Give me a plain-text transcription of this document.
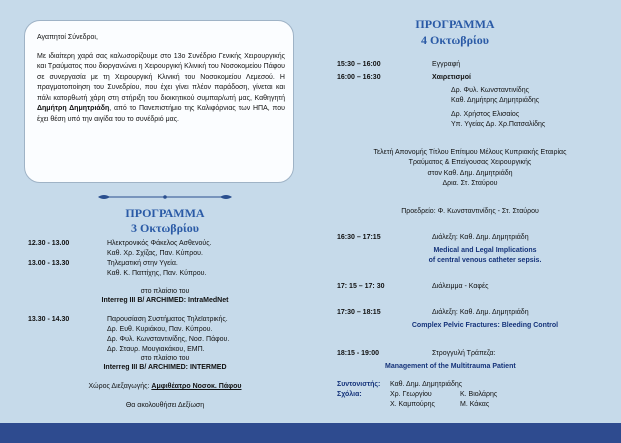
Αγαπητοί Σύνεδροι,
Με ιδιαίτερη χαρά σας καλωσορίζουμε στο 13ο Συνέδριο Γενικής Χειρουργικής και Τραύματος που διοργανώνει η Χειρουργική Κλινική του Νοσοκομείου Πάφου σε συνεργασία με τη Χειρουργική Κλινική του Νοσοκομείου Λεμεσού. Η πραγματοποίηση του Συνεδρίου, που έχει γίνει πλέον παράδοση, γίνεται και πάλι κατορθωτή χάρη στη στήριξη του διοικητικού συμπαρ/ωτή μας, Καθηγητή Δημήτρη Δημητριάδη, από το Πανεπιστήμιο της Καλιφόρνιας των ΗΠΑ, που έχει θέση υπό την αιγίδα του το συνέδριό μας.
ΠΡΟΓΡΑΜΜΑ
3 Οκτωβρίου
12.30 - 13.00	Ηλεκτρονικός Φάκελος Ασθενούς.
Καθ. Χρ. Σχίζας, Παν. Κύπρου.
13.00 - 13.30	Τηλεματική στην Υγεία.
Καθ. Κ. Παττίχης, Παν. Κύπρου.
στο πλαίσιο του
Interreg III B/ ARCHIMED: IntraMedNet
13.30 - 14.30	Παρουσίαση Συστήματος Τηλεϊατρικής.
Δρ. Ευθ. Κυριάκου, Παν. Κύπρου.
Δρ. Φυλ. Κωνσταντινίδης, Νοσ. Πάφου.
Δρ. Σταυρ. Μουγιακάκου, ΕΜΠ.
στο πλαίσιο του
Interreg III B/ ARCHIMED: INTERMED
Χώρος Διεξαγωγής: Αμφιθέατρο Νοσοκ. Πάφου
Θα ακολουθήσει Δεξίωση
ΠΡΟΓΡΑΜΜΑ
4 Οκτωβρίου
15:30 – 16:00	Εγγραφή
16:00 – 16:30	Χαιρετισμοί
Δρ. Φυλ. Κωνσταντινίδης
Καθ. Δημήτρης Δημητριάδης
Δρ. Χρήστος Ελισαίος
Υπ. Υγείας Δρ. Χρ.Πατσαλίδης
Τελετή Απονομής Τίτλου Επίτιμου Μέλους Κυπριακής Εταιρίας
Τραύματος & Επείγουσας Χειρουργικής
στον Καθ. Δημ. Δημητριάδη
Δρια. Στ. Σταύρου
Προεδρείο: Φ. Κωνσταντινίδης - Στ. Σταύρου
16:30 – 17:15	Διάλεξη: Καθ. Δημ. Δημητριάδη
Medical and Legal Implications
of central venous catheter sepsis.
17: 15 – 17: 30	Διάλειμμα - Καφές
17:30 – 18:15	Διάλεξη: Καθ. Δημ. Δημητριάδη
Complex Pelvic Fractures: Bleeding Control
18:15 - 19:00	Στρογγυλή Τράπεζα:
Management of the Multitrauma Patient
Συντονιστής: Καθ. Δημ. Δημητριάδης
Σχόλια:	Χρ. Γεωργίου	Κ. Βιολάρης
Χ. Καμπούρης	Μ. Κάκας
